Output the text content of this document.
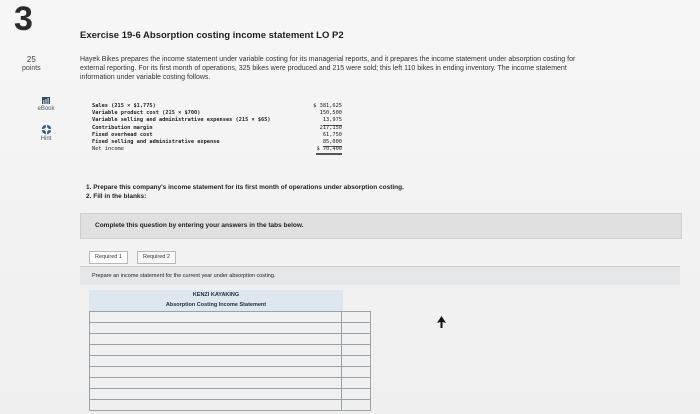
3
25
points
eBook
Hint
Exercise 19-6 Absorption costing income statement LO P2
Hayek Bikes prepares the income statement under variable costing for its managerial reports, and it prepares the income statement under absorption costing for external reporting. For its first month of operations, 325 bikes were produced and 215 were sold; this left 110 bikes in ending inventory. The income statement information under variable costing follows.
Sales (215 × $1,775)	$ 381,625
Variable product cost (215 × $700)	150,500
Variable selling and administrative expenses (215 × $65)	13,975
Contribution margin	217,150
Fixed overhead cost	61,750
Fixed selling and administrative expense	85,000
Net income	$ 70,400
1. Prepare this company's income statement for its first month of operations under absorption costing.
2. Fill in the blanks:
Complete this question by entering your answers in the tabs below.
Required 1	Required 2
Prepare an income statement for the current year under absorption costing.

KENZI KAYAKING
Absorption Costing Income Statement
